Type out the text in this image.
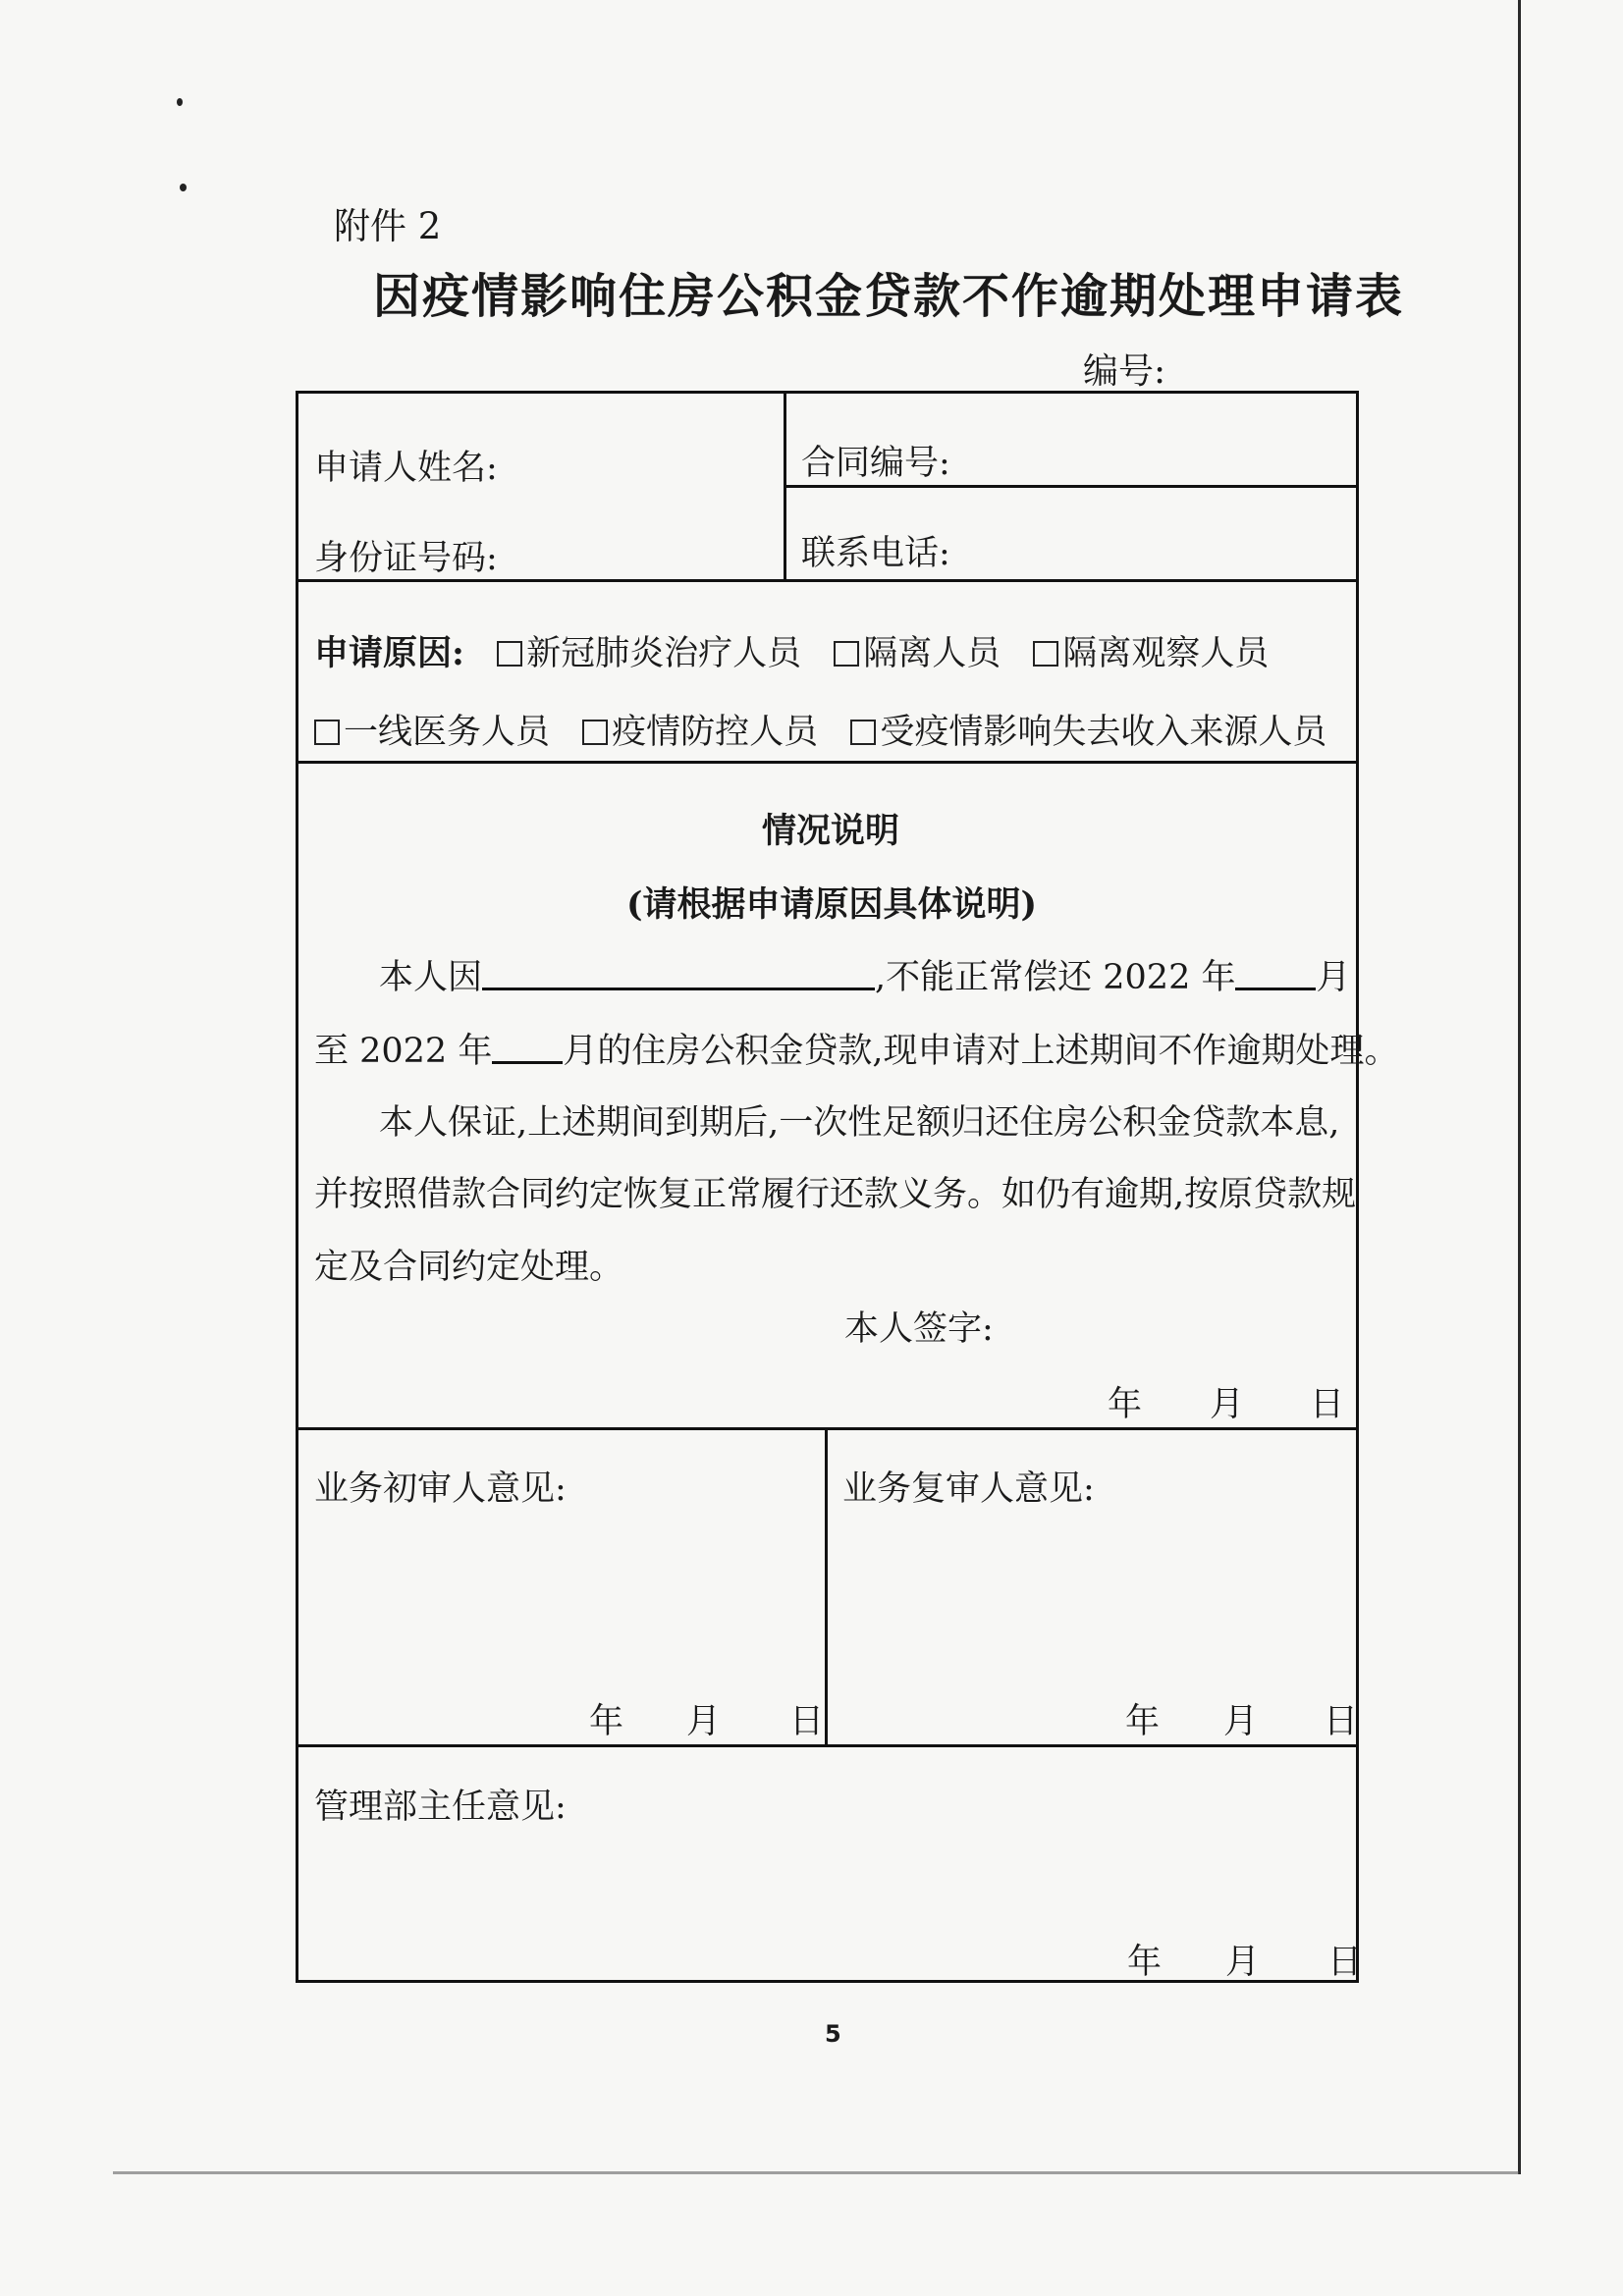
附件 2
因疫情影响住房公积金贷款不作逾期处理申请表
编号:
申请人姓名:	合同编号:
身份证号码:	联系电话:
申请原因: 新冠肺炎治疗人员 隔离人员 隔离观察人员
一线医务人员 疫情防控人员 受疫情影响失去收入来源人员
情况说明
(请根据申请原因具体说明)
本人因	,不能正常偿还 2022 年 月
至 2022 年 月的住房公积金贷款,现申请对上述期间不作逾期处理。
本人保证,上述期间到期后,一次性足额归还住房公积金贷款本息,
并按照借款合同约定恢复正常履行还款义务。如仍有逾期,按原贷款规
定及合同约定处理。
本人签字:
年 月 日
业务初审人意见:
年 月 日
业务复审人意见:
年 月 日
管理部主任意见:
年 月 日
5
